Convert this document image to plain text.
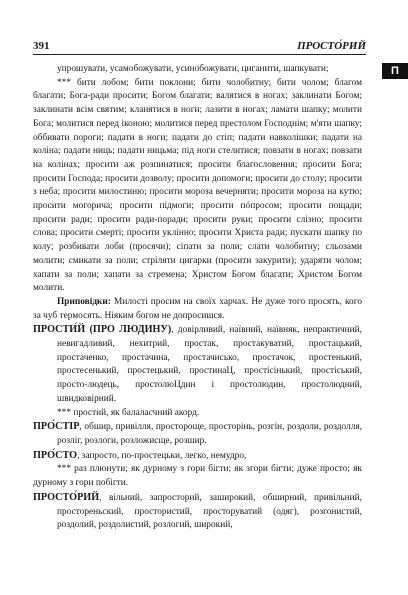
391	ПРОСТО́РИЙ
П

упрошувати, усамобожувати, усинобожувати, циганити, шапкувати;

*** бити лобом; бити поклони; бити чолобитну; бити чолом; благом благати; Бога-ради просити; Богом благати; валятися в ногах; заклинати Богом; заклинати всім святим; кланятися в ноги; лазити в ногах; ламати шапку; молити Бога; молитися перед іконою; молитися перед престолом Господнім; м'яти шапку; оббивати пороги; падати в ноги; падати до стіп; падати навколішки; падати на коліна; падати ниць; падати ницьма; під ноги стелитися; повзати в ногах; повзати на колінах; просити аж розпинатися; просити благословення; просити Бога; просити Господа; просити дозволу; просити допомоги; просити до столу; просити з неба; просити милостиню; просити мороза вечерняти; просити мороза на кутю; просити могорича; просити підмоги; просити пóпросом; просити пощади; просити ради; просити ради-поради; просити руки; просити слізно; просити слова; просити смерті; просити уклінно; просити Христа ради; пускати шапку по колу; розбивати лоби (просячи); сіпати за поли; слати чолобитну; сльозами молити; смикати за поли; стріляти цигарки (просити закурити); ударяти чолом; хапати за поли; хапати за стремена; Христом Богом благати; Христом Богом молити.

Приповідки: Милості просим на своїх харчах. Не дуже того просять, кого за чуб термосять. Ніяким богом не допросишся.

ПРОСТИ́Й (ПРО ЛЮДИНУ), довірливий, наївний, наївняк, непрактичний, невигадливий, нехитрий, простак, простакуватий, простацький, простаченко, простачина, простачисько, простачок, простенький, простесенький, простецький, простинаЦ, простісінький, простіський, просто-людець, простолюЦдин і простолюдин, простолюдний, швидковірний.

*** простий, як балаласчний акорд.

ПРО́СТІР, обшир, привілля, простороще, просторінь, розгін, роздоли, роздолля, розліг, розлоги, розложисще, розшир.

ПРО́СТО, запросто, по-простецьки, легко, немудро,

*** раз плюнути; як дурному з гори бігти; як згори бігти; дуже просто; як дурному з гори побігти.

ПРОСТО́РИЙ, вільний, запросторий, заширокий, обширний, привільний, простореньский, простористий, просторуватий (одяг), розгонистий, роздолий, роздолистий, розлогий, широкий,
